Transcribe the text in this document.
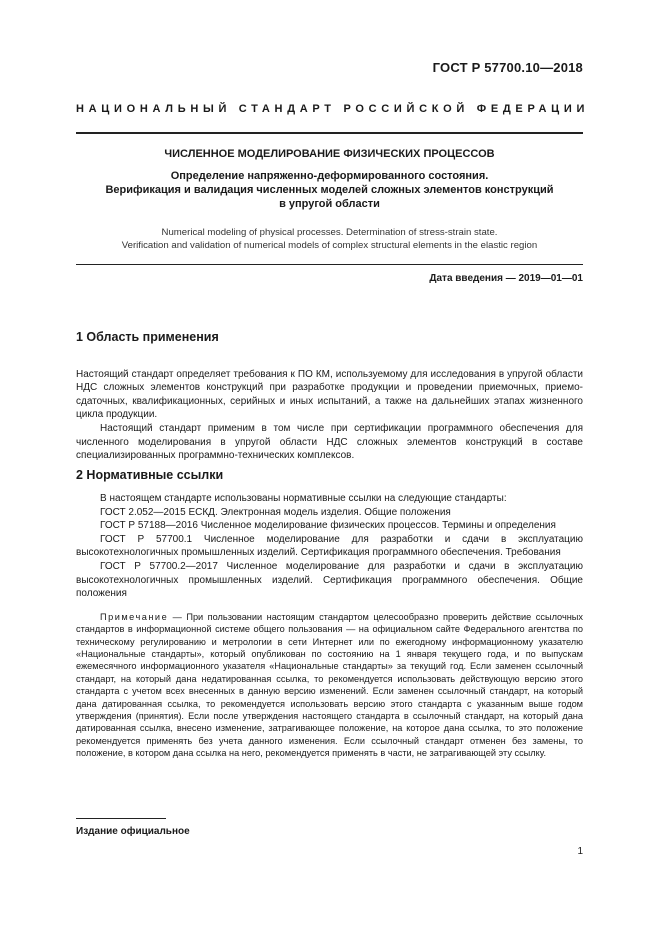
ГОСТ Р 57700.10—2018
НАЦИОНАЛЬНЫЙ СТАНДАРТ РОССИЙСКОЙ ФЕДЕРАЦИИ

ЧИСЛЕННОЕ МОДЕЛИРОВАНИЕ ФИЗИЧЕСКИХ ПРОЦЕССОВ

Определение напряженно-деформированного состояния.

Верификация и валидация численных моделей сложных элементов конструкций

в упругой области

Numerical modeling of physical processes. Determination of stress-strain state.
Verification and validation of numerical models of complex structural elements in the elastic region
Дата введения — 2019—01—01
1 Область применения

Настоящий стандарт определяет требования к ПО КМ, используемому для исследования в упругой области НДС сложных элементов конструкций при разработке продукции и проведении приемочных, приемо-сдаточных, квалификационных, серийных и иных испытаний, а также на дальнейших этапах жизненного цикла продукции.

Настоящий стандарт применим в том числе при сертификации программного обеспечения для численного моделирования в упругой области НДС сложных элементов конструкций в составе специализированных программно-технических комплексов.

2 Нормативные ссылки

В настоящем стандарте использованы нормативные ссылки на следующие стандарты:

ГОСТ 2.052—2015 ЕСКД. Электронная модель изделия. Общие положения

ГОСТ Р 57188—2016 Численное моделирование физических процессов. Термины и определения

ГОСТ Р 57700.1 Численное моделирование для разработки и сдачи в эксплуатацию высокотехнологичных промышленных изделий. Сертификация программного обеспечения. Требования

ГОСТ Р 57700.2—2017 Численное моделирование для разработки и сдачи в эксплуатацию высокотехнологичных промышленных изделий. Сертификация программного обеспечения. Общие положения

Примечание — При пользовании настоящим стандартом целесообразно проверить действие ссылочных стандартов в информационной системе общего пользования — на официальном сайте Федерального агентства по техническому регулированию и метрологии в сети Интернет или по ежегодному информационному указателю «Национальные стандарты», который опубликован по состоянию на 1 января текущего года, и по выпускам ежемесячного информационного указателя «Национальные стандарты» за текущий год. Если заменен ссылочный стандарт, на который дана недатированная ссылка, то рекомендуется использовать действующую версию этого стандарта с учетом всех внесенных в данную версию изменений. Если заменен ссылочный стандарт, на который дана датированная ссылка, то рекомендуется использовать версию этого стандарта с указанным выше годом утверждения (принятия). Если после утверждения настоящего стандарта в ссылочный стандарт, на который дана датированная ссылка, внесено изменение, затрагивающее положение, на которое дана ссылка, то это положение рекомендуется применять без учета данного изменения. Если ссылочный стандарт отменен без замены, то положение, в котором дана ссылка на него, рекомендуется применять в части, не затрагивающей эту ссылку.

Издание официальное
1
